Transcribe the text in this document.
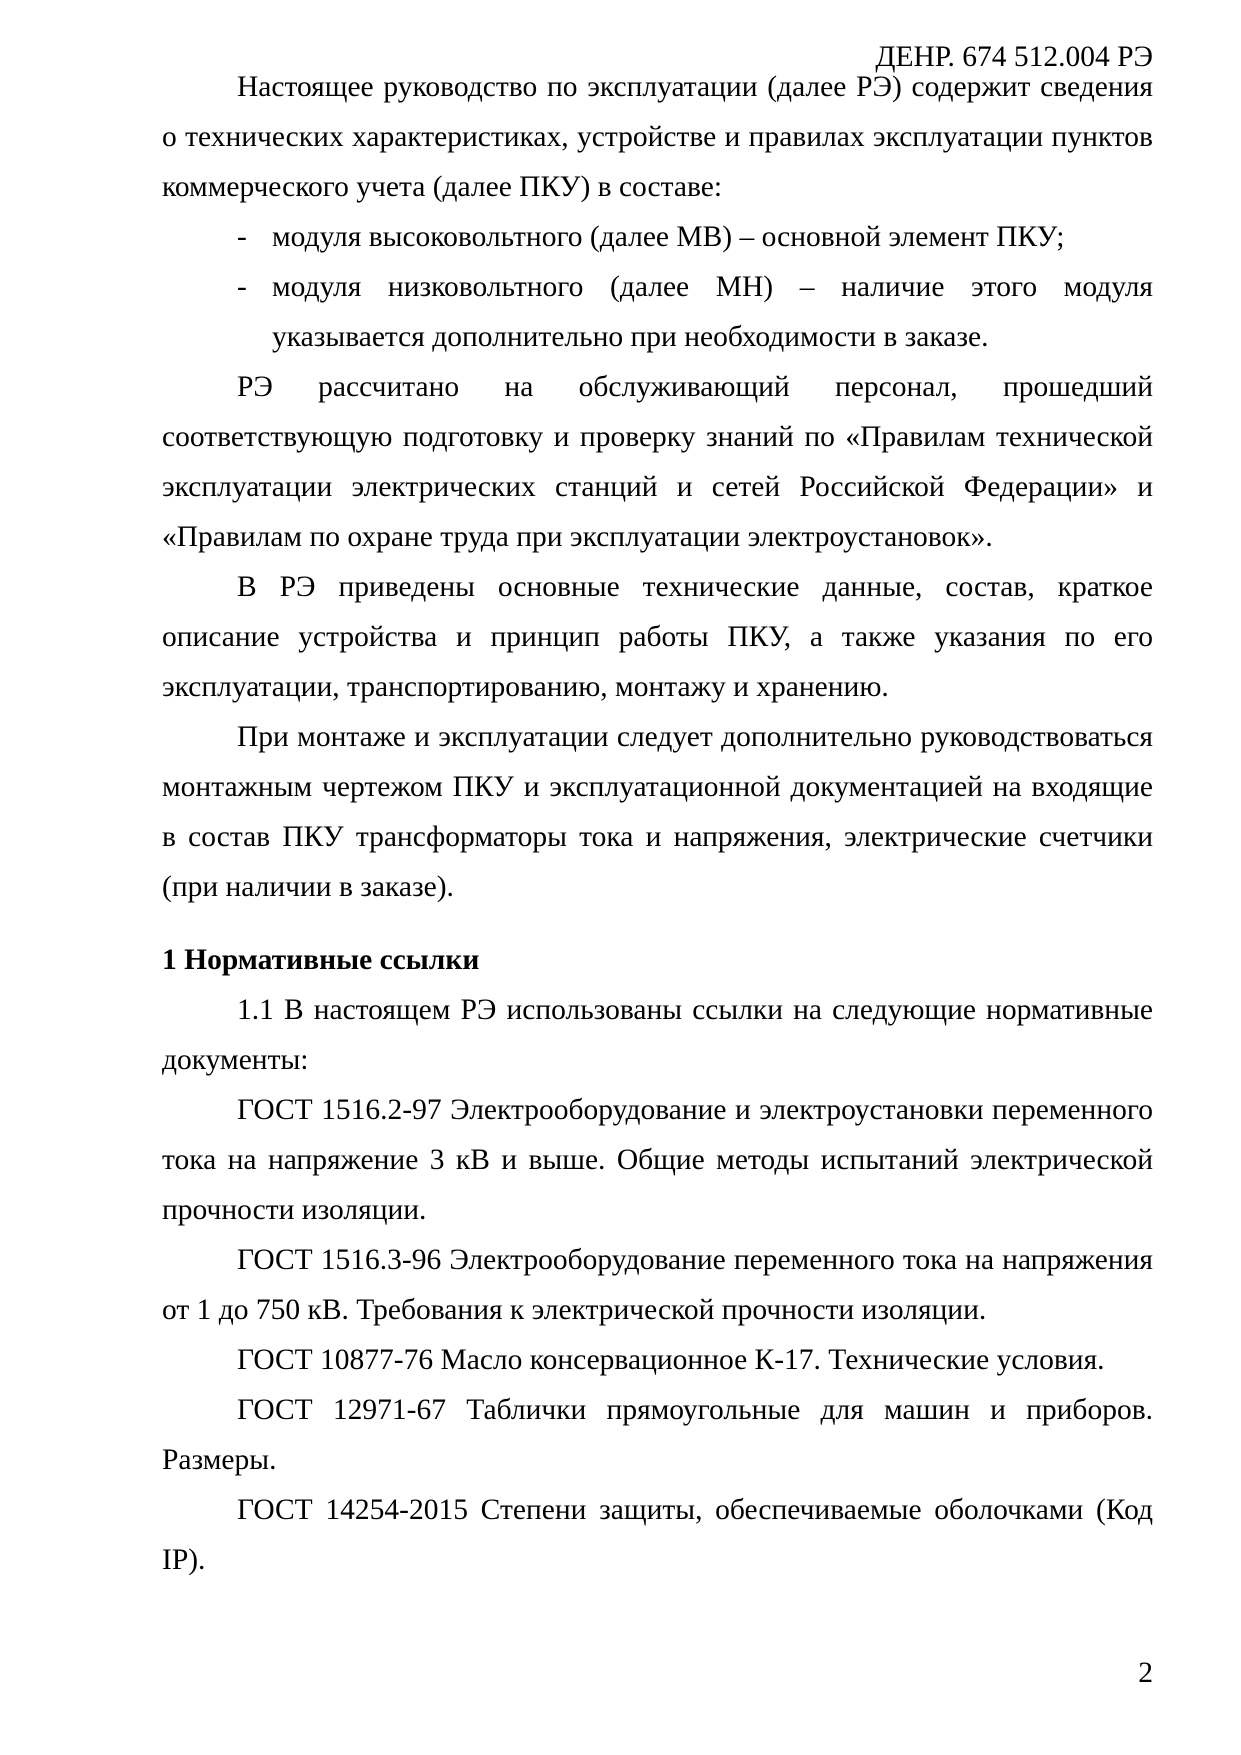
ДЕНР. 674 512.004 РЭ
Настоящее руководство по эксплуатации (далее РЭ) содержит сведения
о технических характеристиках, устройстве и правилах эксплуатации пунктов
коммерческого учета (далее ПКУ) в составе:
- модуля высоковольтного (далее МВ) – основной элемент ПКУ;
- модуля низковольтного (далее МН) – наличие этого модуля
указывается дополнительно при необходимости в заказе.
РЭ рассчитано на обслуживающий персонал, прошедший
соответствующую подготовку и проверку знаний по «Правилам технической
эксплуатации электрических станций и сетей Российской Федерации» и
«Правилам по охране труда при эксплуатации электроустановок».
В РЭ приведены основные технические данные, состав, краткое
описание устройства и принцип работы ПКУ, а также указания по его
эксплуатации, транспортированию, монтажу и хранению.
При монтаже и эксплуатации следует дополнительно руководствоваться
монтажным чертежом ПКУ и эксплуатационной документацией на входящие
в состав ПКУ трансформаторы тока и напряжения, электрические счетчики
(при наличии в заказе).
1 Нормативные ссылки
1.1 В настоящем РЭ использованы ссылки на следующие нормативные
документы:
ГОСТ 1516.2-97 Электрооборудование и электроустановки переменного
тока на напряжение 3 кВ и выше. Общие методы испытаний электрической
прочности изоляции.
ГОСТ 1516.3-96 Электрооборудование переменного тока на напряжения
от 1 до 750 кВ. Требования к электрической прочности изоляции.
ГОСТ 10877-76 Масло консервационное К-17. Технические условия.
ГОСТ 12971-67 Таблички прямоугольные для машин и приборов.
Размеры.
ГОСТ 14254-2015 Степени защиты, обеспечиваемые оболочками (Код
IP).
2
